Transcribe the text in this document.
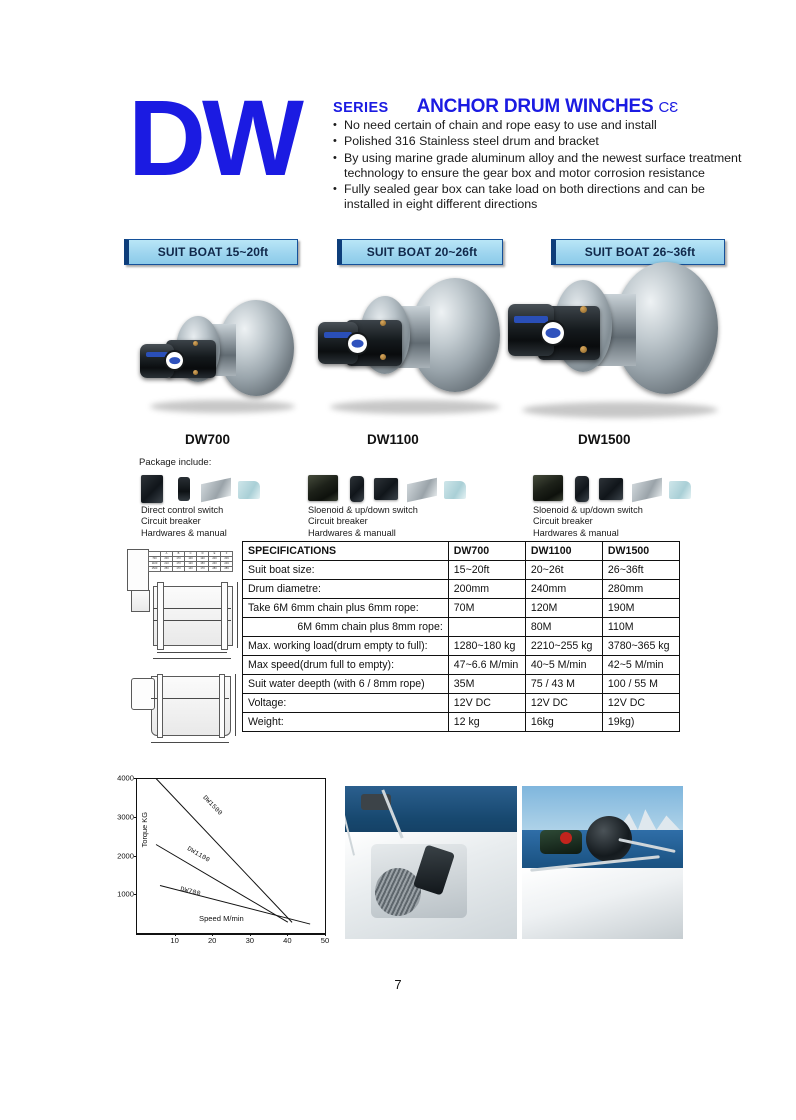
DW SERIES ANCHOR DRUM WINCHES CƐ
• No need certain of chain and rope easy to use and install
• Polished 316 Stainless steel drum and bracket
• By using marine grade aluminum alloy and the newest surface treatment technology to ensure the gear box and motor corrosion resistance
• Fully sealed gear box can take load on both directions and can be installed in eight different directions
SUIT BOAT 15~20ft	SUIT BOAT 20~26ft	SUIT BOAT 26~36ft
DW700	DW1100	DW1500
Package include:
Direct control switch
Circuit breaker
Hardwares & manual
Sloenoid & up/down switch
Circuit breaker
Hardwares & manuall
Sloenoid & up/down switch
Circuit breaker
Hardwares & manual
	A	B	C	D	E	F
700	200	170	100	130	200	209
1100	210	170	120	150	240	249
1500	250	170	140	170	280	289
SPECIFICATIONS	DW700	DW1100	DW1500
Suit boat size:	15~20ft	20~26t	26~36ft
Drum diametre:	200mm	240mm	280mm
Take 6M 6mm chain plus 6mm rope:	70M	120M	190M
6M 6mm chain plus 8mm rope:		80M	110M
Max. working load(drum empty to full):	1280~180 kg	2210~255 kg	3780~365 kg
Max speed(drum full to empty):	47~6.6 M/min	40~5 M/min	42~5 M/min
Suit water deepth (with 6 / 8mm rope)	35M	75 / 43 M	100 / 55 M
Voltage:	12V DC	12V DC	12V DC
Weight:	12 kg	16kg	19kg)
4000
3000
2000
1000
10	20	30	40	50
DW1500
DW1100
DW700
Torque KG
Speed M/min
7
